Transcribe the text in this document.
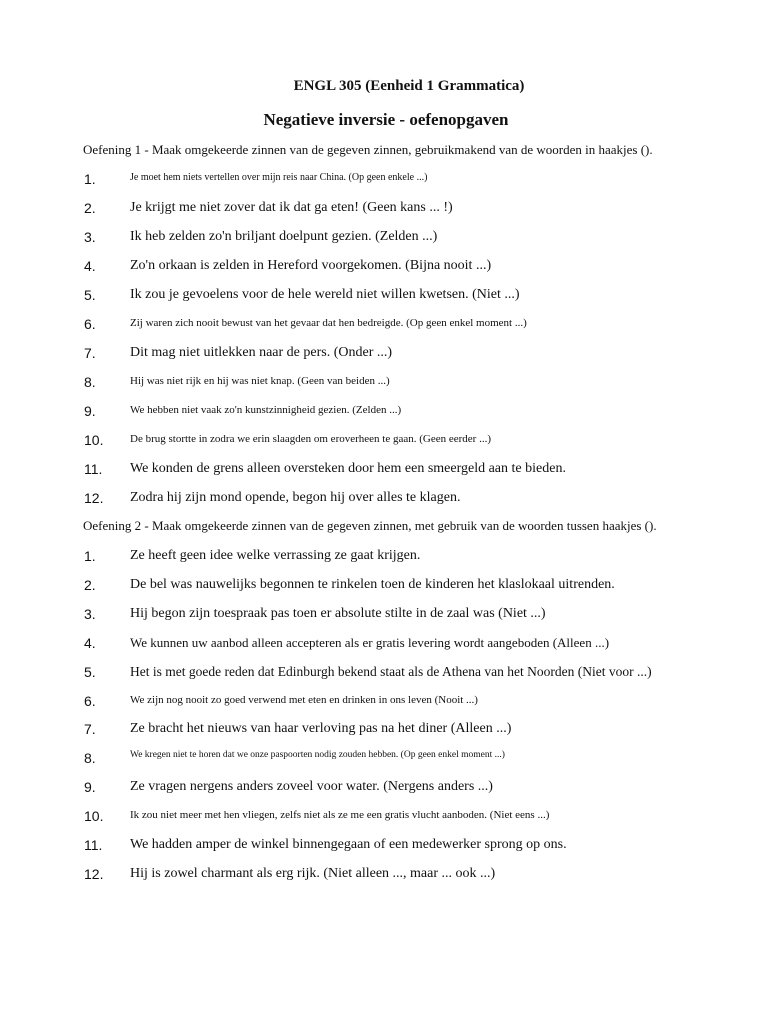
ENGL 305 (Eenheid 1 Grammatica)
Negatieve inversie - oefenopgaven
Oefening 1 - Maak omgekeerde zinnen van de gegeven zinnen, gebruikmakend van de woorden in haakjes ().
1.	Je moet hem niets vertellen over mijn reis naar China. (Op geen enkele ...)
2. Je krijgt me niet zover dat ik dat ga eten! (Geen kans ... !)
3. Ik heb zelden zo'n briljant doelpunt gezien. (Zelden ...)
4. Zo'n orkaan is zelden in Hereford voorgekomen. (Bijna nooit ...)
5. Ik zou je gevoelens voor de hele wereld niet willen kwetsen. (Niet ...)
6.	Zij waren zich nooit bewust van het gevaar dat hen bedreigde. (Op geen enkel moment ...)
7. Dit mag niet uitlekken naar de pers. (Onder ...)
8.	Hij was niet rijk en hij was niet knap. (Geen van beiden ...)
9.	We hebben niet vaak zo'n kunstzinnigheid gezien. (Zelden ...)
10. De brug stortte in zodra we erin slaagden om eroverheen te gaan. (Geen eerder ...)
11. We konden de grens alleen oversteken door hem een smeergeld aan te bieden.
12. Zodra hij zijn mond opende, begon hij over alles te klagen.
Oefening 2 - Maak omgekeerde zinnen van de gegeven zinnen, met gebruik van de woorden tussen haakjes ().
1. Ze heeft geen idee welke verrassing ze gaat krijgen.
2. De bel was nauwelijks begonnen te rinkelen toen de kinderen het klaslokaal uitrenden.
3. Hij begon zijn toespraak pas toen er absolute stilte in de zaal was (Niet ...)
4.	We kunnen uw aanbod alleen accepteren als er gratis levering wordt aangeboden (Alleen ...)
5.	Het is met goede reden dat Edinburgh bekend staat als de Athena van het Noorden (Niet voor ...)
6.	We zijn nog nooit zo goed verwend met eten en drinken in ons leven (Nooit ...)
7. Ze bracht het nieuws van haar verloving pas na het diner (Alleen ...)
8.	We kregen niet te horen dat we onze paspoorten nodig zouden hebben. (Op geen enkel moment ...)
9. Ze vragen nergens anders zoveel voor water. (Nergens anders ...)
10. Ik zou niet meer met hen vliegen, zelfs niet als ze me een gratis vlucht aanboden. (Niet eens ...)
11. We hadden amper de winkel binnengegaan of een medewerker sprong op ons.
12. Hij is zowel charmant als erg rijk. (Niet alleen ..., maar ... ook ...)
